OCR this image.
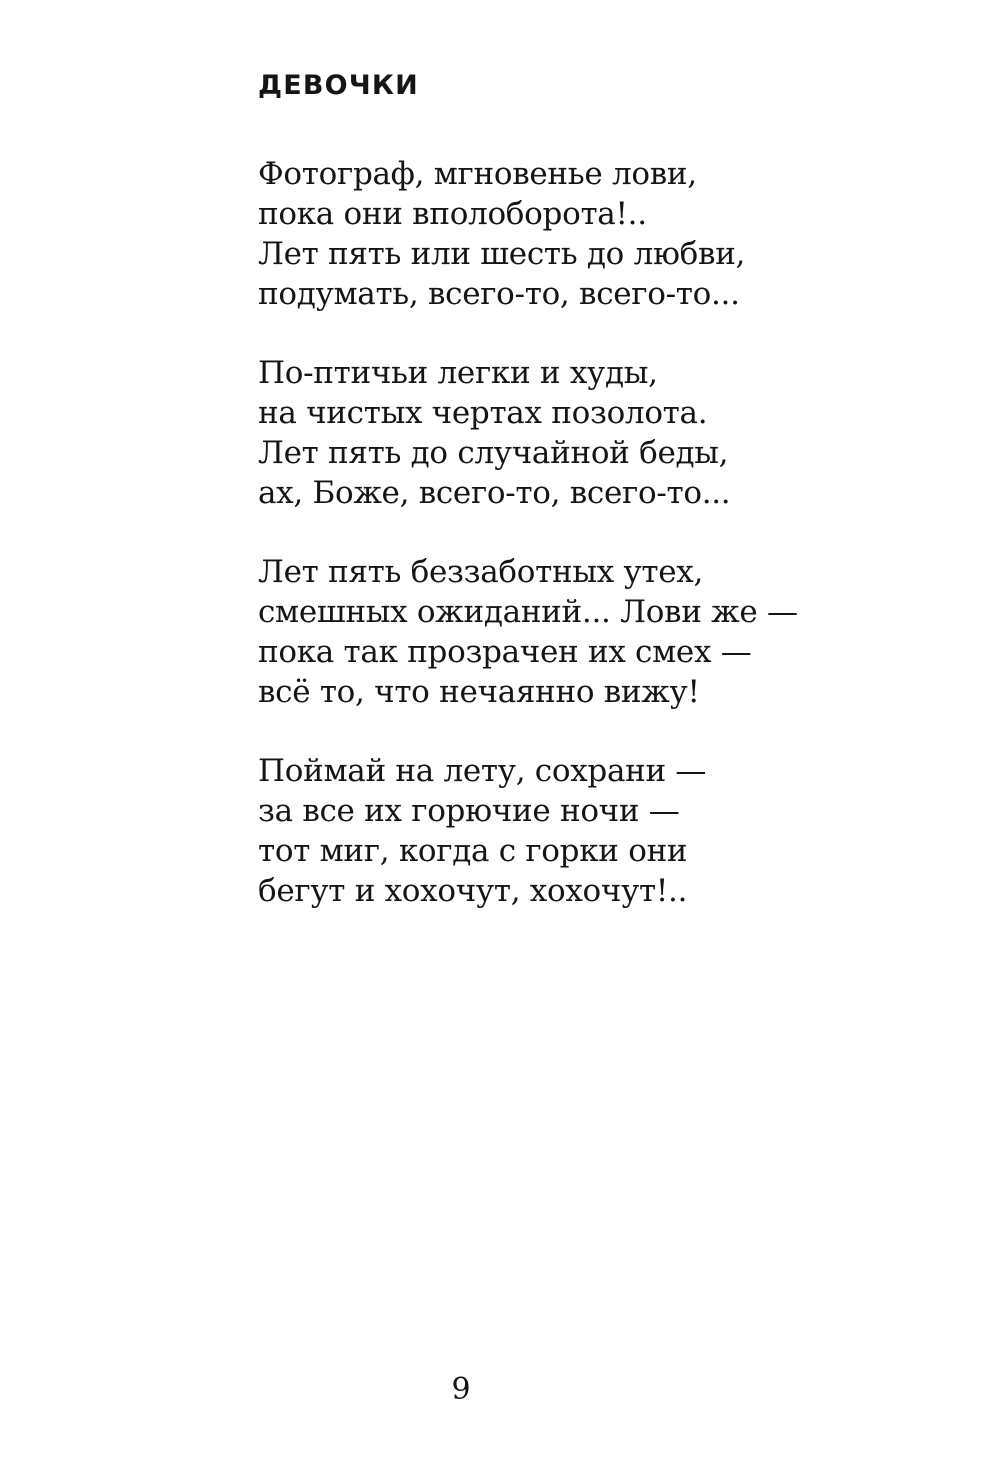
ДЕВОЧКИ

Фотограф, мгновенье лови,
пока они вполоборота!..
Лет пять или шесть до любви,
подумать, всего-то, всего-то...

По-птичьи легки и худы,
на чистых чертах позолота.
Лет пять до случайной беды,
ах, Боже, всего-то, всего-то...

Лет пять беззаботных утех,
смешных ожиданий... Лови же —
пока так прозрачен их смех —
всё то, что нечаянно вижу!

Поймай на лету, сохрани —
за все их горючие ночи —
тот миг, когда с горки они
бегут и хохочут, хохочут!..

9
